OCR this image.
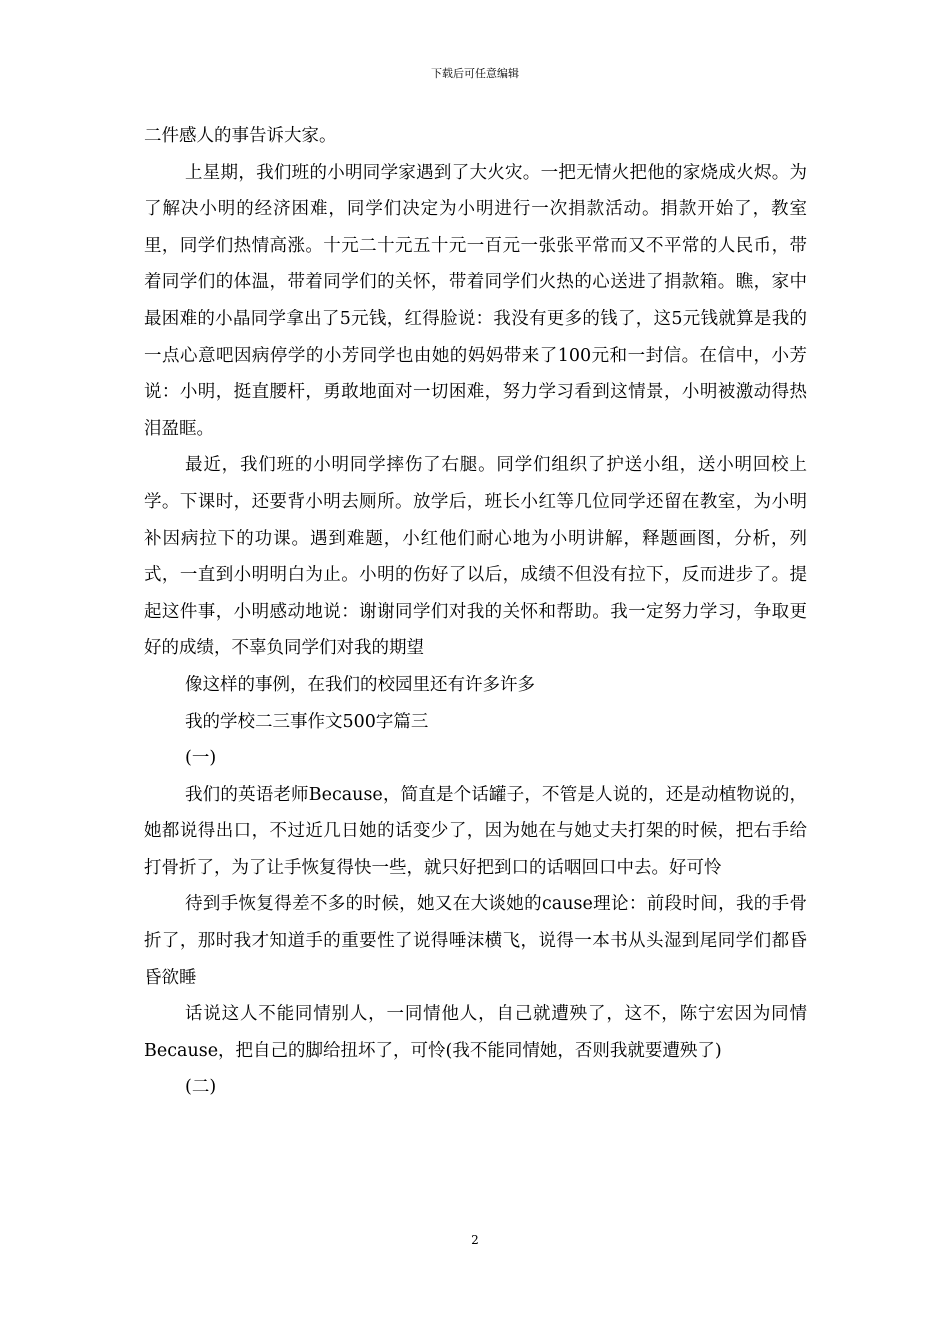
下载后可任意编辑

二件感人的事告诉大家。

上星期，我们班的小明同学家遇到了大火灾。一把无情火把他的家烧成火烬。为了解决小明的经济困难，同学们决定为小明进行一次捐款活动。捐款开始了，教室里，同学们热情高涨。十元二十元五十元一百元一张张平常而又不平常的人民币，带着同学们的体温，带着同学们的关怀，带着同学们火热的心送进了捐款箱。瞧，家中最困难的小晶同学拿出了5元钱，红得脸说：我没有更多的钱了，这5元钱就算是我的一点心意吧因病停学的小芳同学也由她的妈妈带来了100元和一封信。在信中，小芳说：小明，挺直腰杆，勇敢地面对一切困难，努力学习看到这情景，小明被激动得热泪盈眶。

最近，我们班的小明同学摔伤了右腿。同学们组织了护送小组，送小明回校上学。下课时，还要背小明去厕所。放学后，班长小红等几位同学还留在教室，为小明补因病拉下的功课。遇到难题，小红他们耐心地为小明讲解，释题画图，分析，列式，一直到小明明白为止。小明的伤好了以后，成绩不但没有拉下，反而进步了。提起这件事，小明感动地说：谢谢同学们对我的关怀和帮助。我一定努力学习，争取更好的成绩，不辜负同学们对我的期望

像这样的事例，在我们的校园里还有许多许多

我的学校二三事作文500字篇三

(一)

我们的英语老师Because，简直是个话罐子，不管是人说的，还是动植物说的，她都说得出口，不过近几日她的话变少了，因为她在与她丈夫打架的时候，把右手给打骨折了，为了让手恢复得快一些，就只好把到口的话咽回口中去。好可怜

待到手恢复得差不多的时候，她又在大谈她的cause理论：前段时间，我的手骨折了，那时我才知道手的重要性了说得唾沫横飞，说得一本书从头湿到尾同学们都昏昏欲睡

话说这人不能同情别人，一同情他人，自己就遭殃了，这不，陈宁宏因为同情Because，把自己的脚给扭坏了，可怜(我不能同情她，否则我就要遭殃了)

(二)

2
